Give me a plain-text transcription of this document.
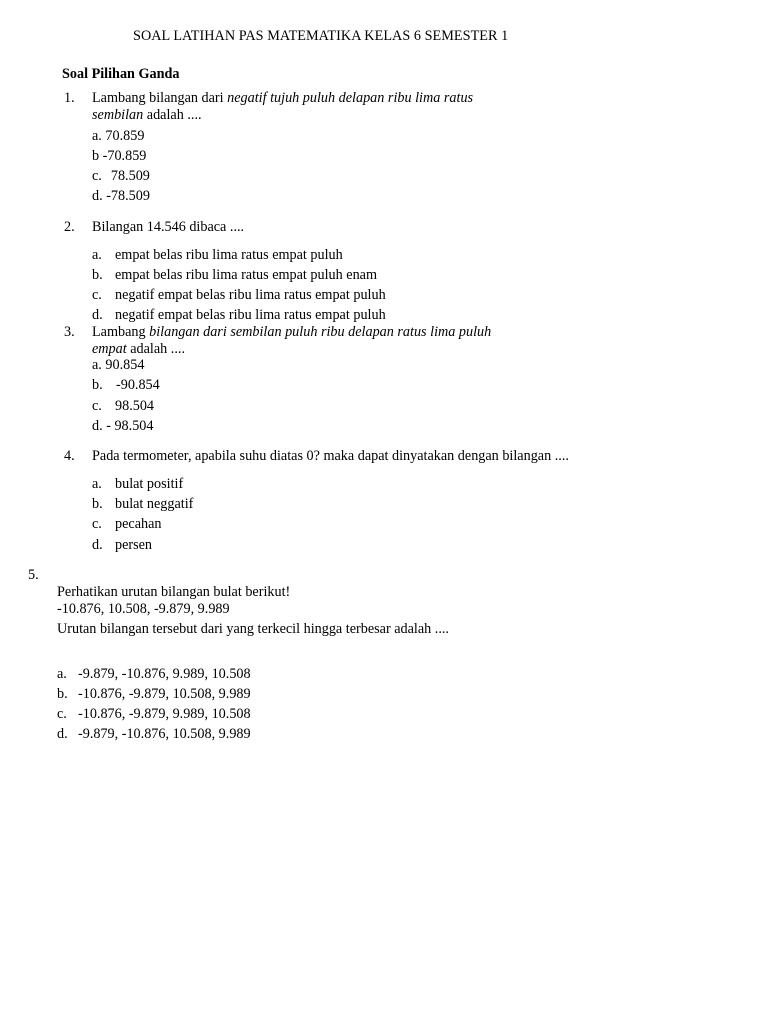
SOAL LATIHAN PAS MATEMATIKA KELAS 6 SEMESTER 1
Soal Pilihan Ganda
1. Lambang bilangan dari negatif tujuh puluh delapan ribu lima ratus
sembilan adalah ....
a. 70.859
b -70.859
c. 78.509
d. -78.509
2. Bilangan 14.546 dibaca ....
a. empat belas ribu lima ratus empat puluh
b. empat belas ribu lima ratus empat puluh enam
c. negatif empat belas ribu lima ratus empat puluh
d. negatif empat belas ribu lima ratus empat puluh
3. Lambang bilangan dari sembilan puluh ribu delapan ratus lima puluh
empat adalah ....
a. 90.854
b. -90.854
c. 98.504
d. - 98.504
4. Pada termometer, apabila suhu diatas 0? maka dapat dinyatakan dengan bilangan ....
a. bulat positif
b. bulat neggatif
c. pecahan
d. persen
5.
Perhatikan urutan bilangan bulat berikut!
-10.876, 10.508, -9.879, 9.989
Urutan bilangan tersebut dari yang terkecil hingga terbesar adalah ....
a. -9.879, -10.876, 9.989, 10.508
b. -10.876, -9.879, 10.508, 9.989
c. -10.876, -9.879, 9.989, 10.508
d. -9.879, -10.876, 10.508, 9.989
